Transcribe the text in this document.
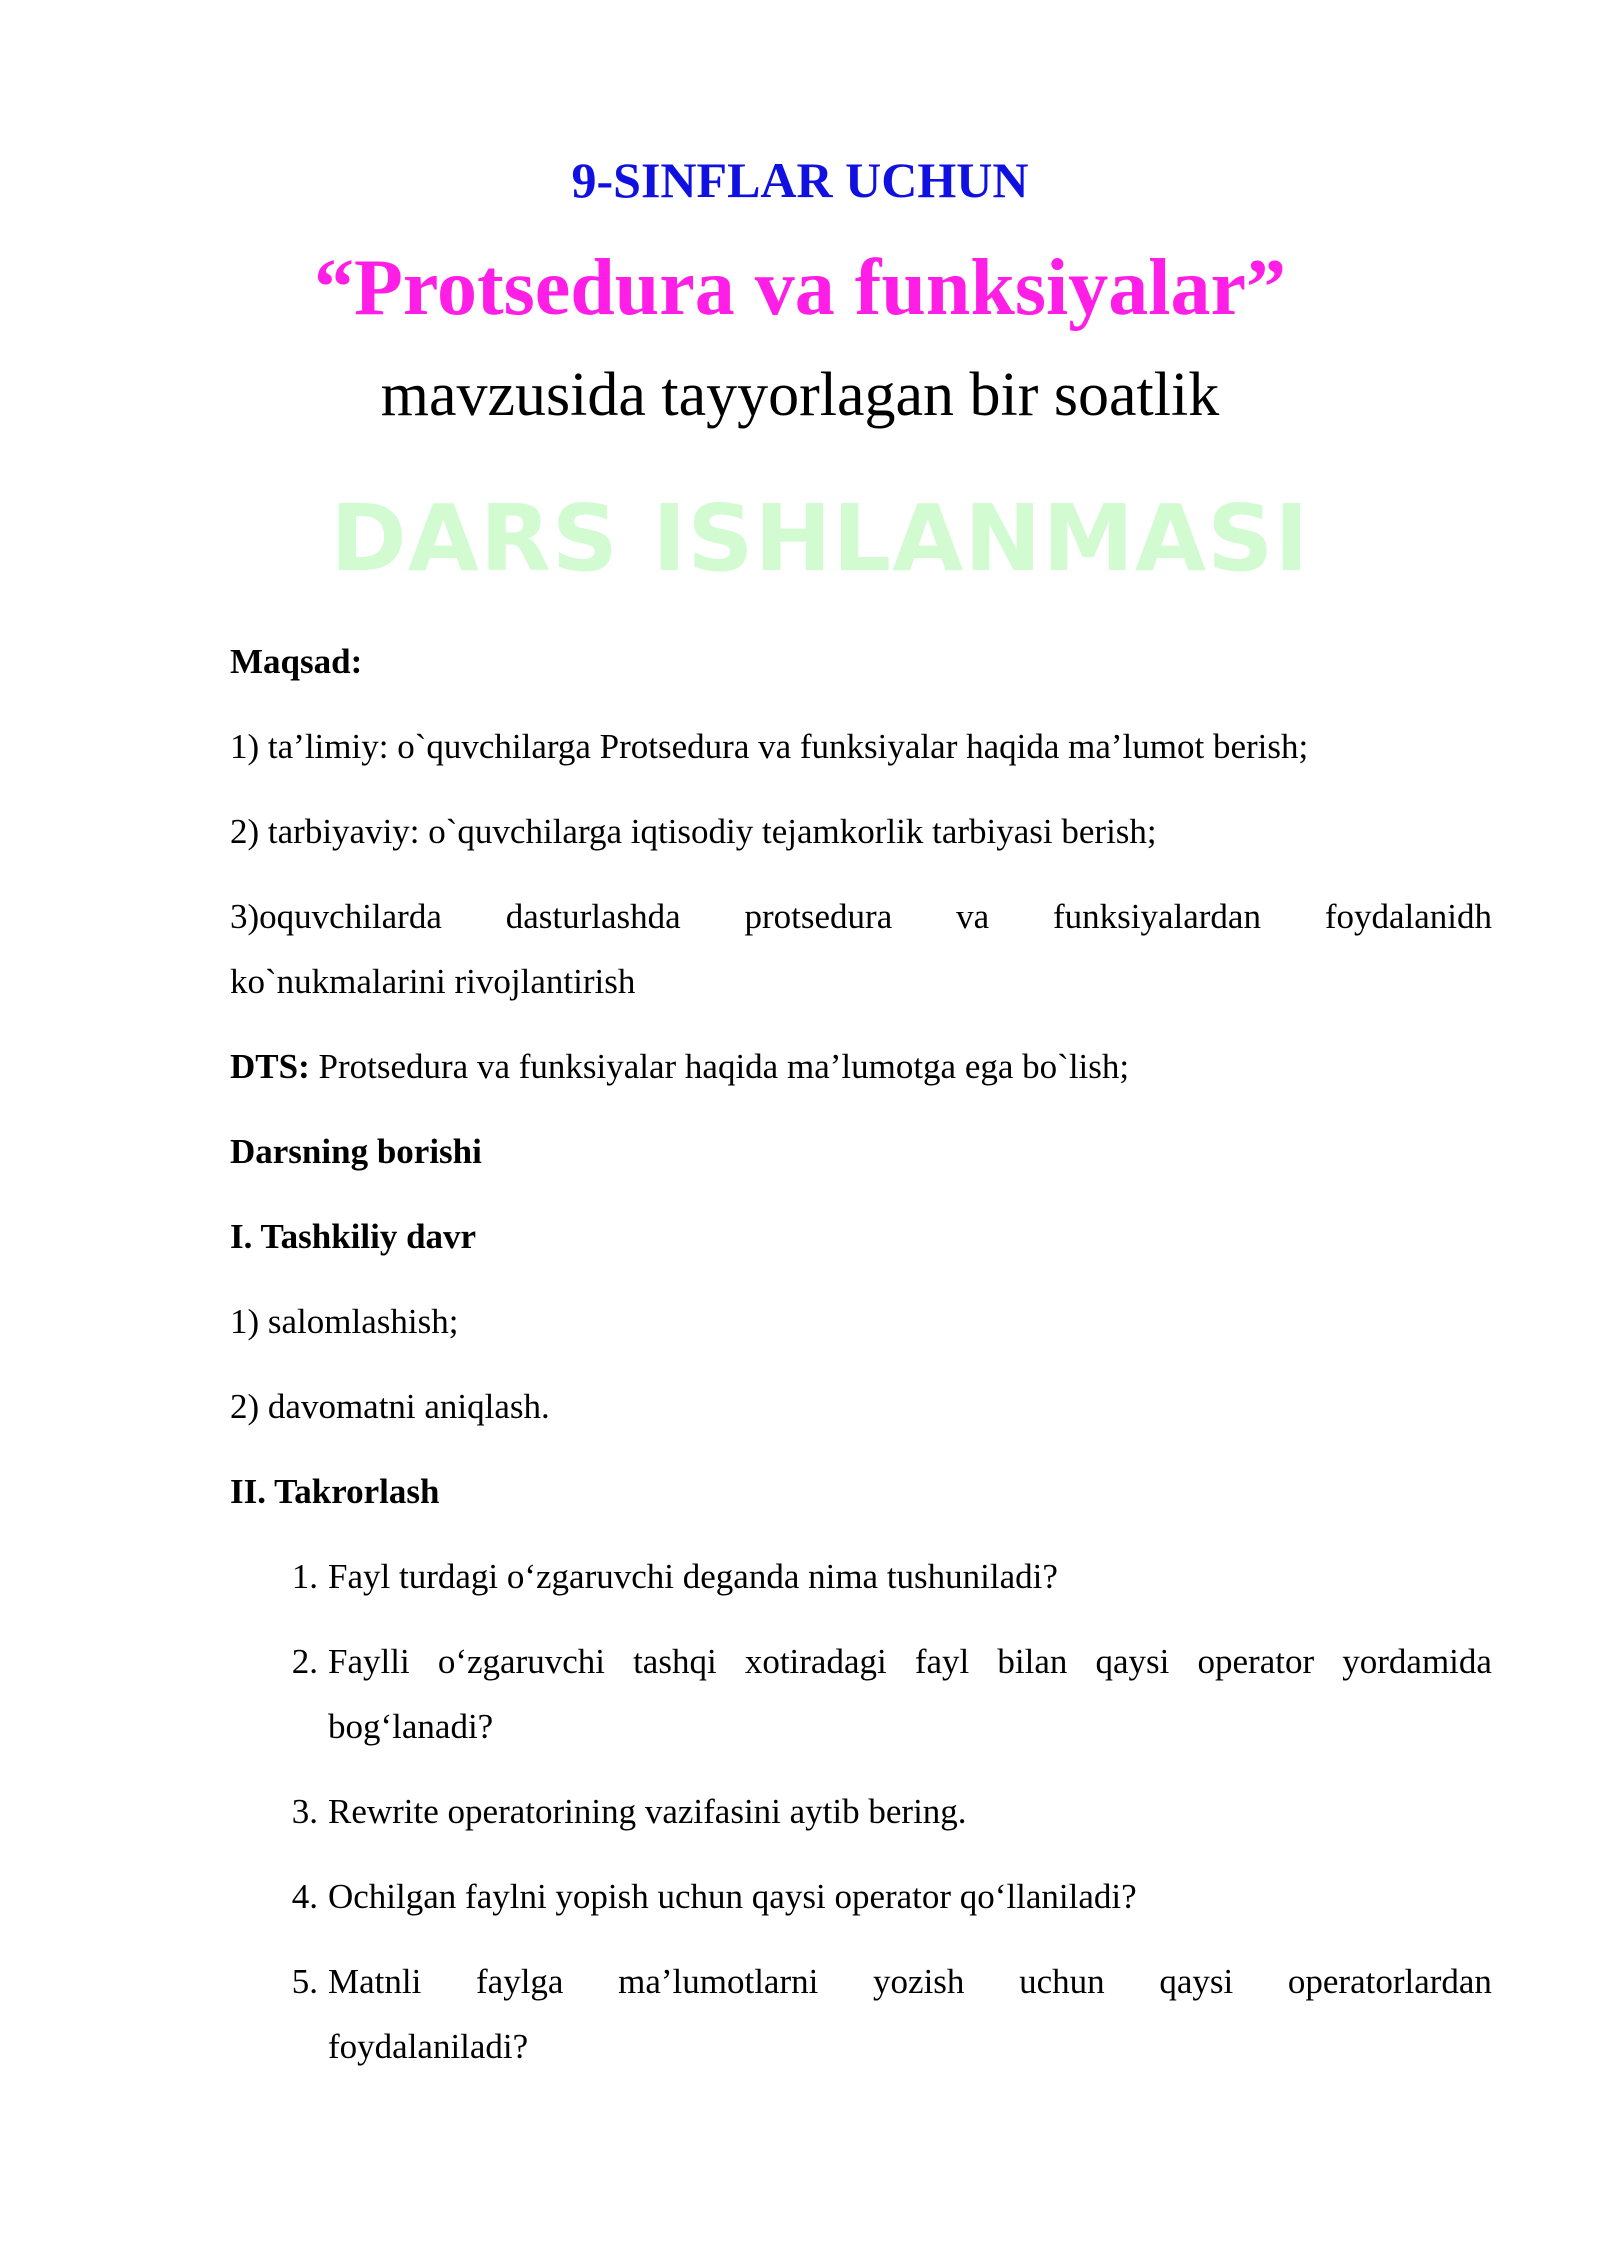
9-SINFLAR UCHUN
“Protsedura va funksiyalar”
mavzusida tayyorlagan bir soatlik
DARS ISHLANMASI
Maqsad:
1) ta’limiy: o`quvchilarga Protsedura va funksiyalar haqida ma’lumot berish;
2) tarbiyaviy: o`quvchilarga iqtisodiy tejamkorlik tarbiyasi berish;
3)oquvchilarda dasturlashda protsedura va funksiyalardan foydalanidh
ko`nukmalarini rivojlantirish
DTS: Protsedura va funksiyalar haqida ma’lumotga ega bo`lish;
Darsning borishi
I. Tashkiliy davr
1) salomlashish;
2) davomatni aniqlash.
II. Takrorlash
1. Fayl turdagi o‘zgaruvchi deganda nima tushuniladi?
2. Faylli o‘zgaruvchi tashqi xotiradagi fayl bilan qaysi operator yordamida
bog‘lanadi?
3. Rewrite operatorining vazifasini aytib bering.
4. Ochilgan faylni yopish uchun qaysi operator qo‘llaniladi?
5. Matnli faylga ma’lumotlarni yozish uchun qaysi operatorlardan
foydalaniladi?
